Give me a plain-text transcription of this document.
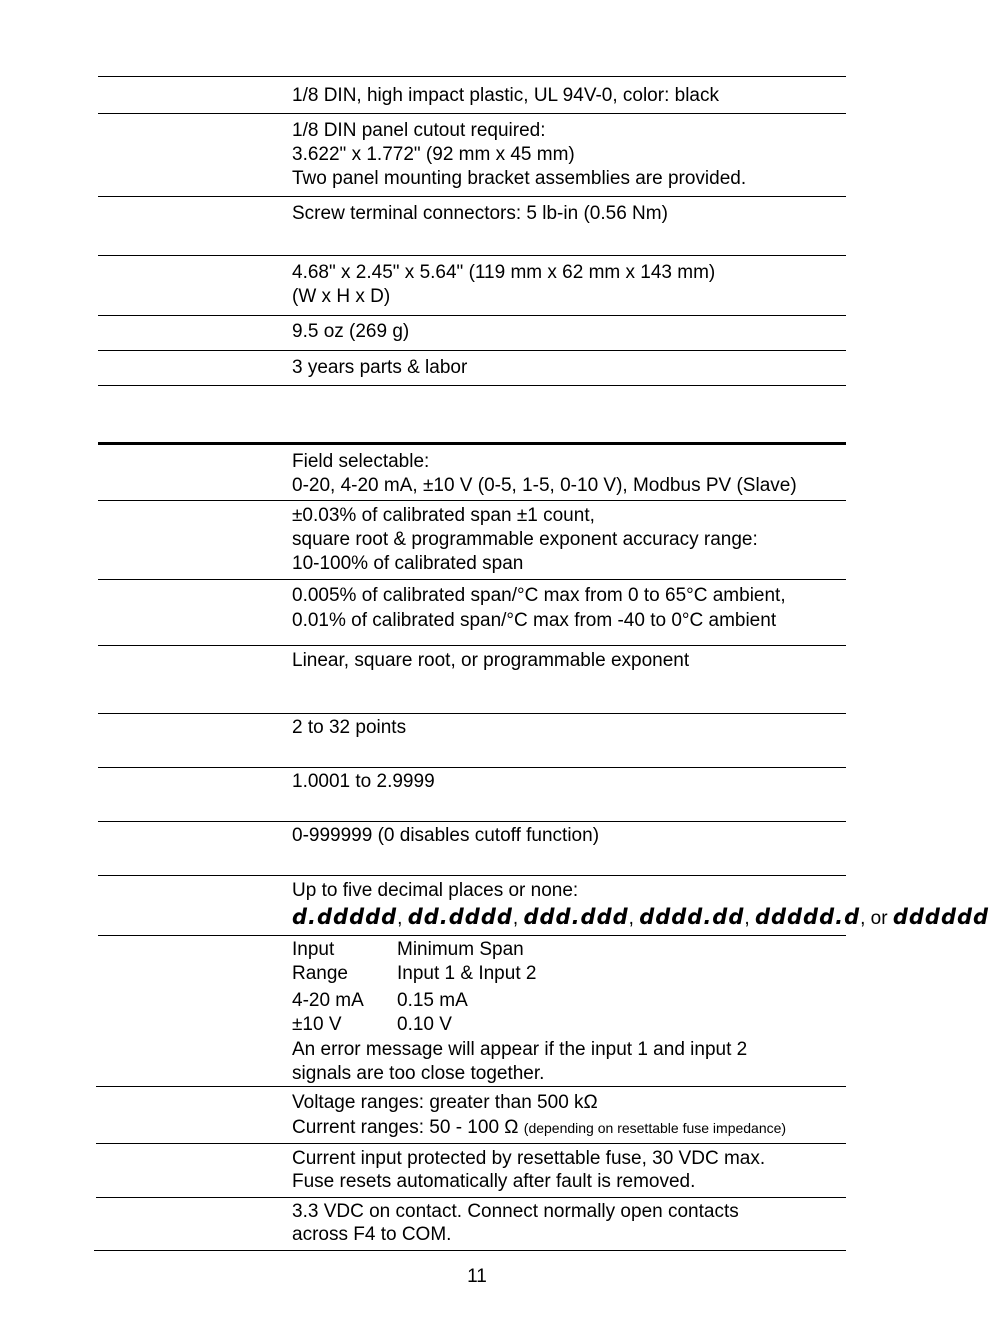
1/8 DIN, high impact plastic, UL 94V-0, color: black
1/8 DIN panel cutout required:
3.622" x 1.772" (92 mm x 45 mm)
Two panel mounting bracket assemblies are provided.
Screw terminal connectors: 5 lb-in (0.56 Nm)
4.68" x 2.45" x 5.64" (119 mm x 62 mm x 143 mm)
(W x H x D)
9.5 oz (269 g)
3 years parts & labor
Field selectable:
0-20, 4-20 mA, ±10 V (0-5, 1-5, 0-10 V), Modbus PV (Slave)
±0.03% of calibrated span ±1 count,
square root & programmable exponent accuracy range:
10-100% of calibrated span
0.005% of calibrated span/°C max from 0 to 65°C ambient,
0.01% of calibrated span/°C max from -40 to 0°C ambient
Linear, square root, or programmable exponent
2 to 32 points
1.0001 to 2.9999
0-999999 (0 disables cutoff function)
Up to five decimal places or none:
d.ddddd, dd.dddd, ddd.ddd, dddd.dd, ddddd.d, or dddddd
Input	Minimum Span
Range	Input 1 & Input 2
4-20 mA 0.15 mA
±10 V	0.10 V
An error message will appear if the input 1 and input 2
signals are too close together.
Voltage ranges: greater than 500 kΩ
Current ranges: 50 - 100 Ω (depending on resettable fuse impedance)
Current input protected by resettable fuse, 30 VDC max.
Fuse resets automatically after fault is removed.
3.3 VDC on contact. Connect normally open contacts
across F4 to COM.
11
